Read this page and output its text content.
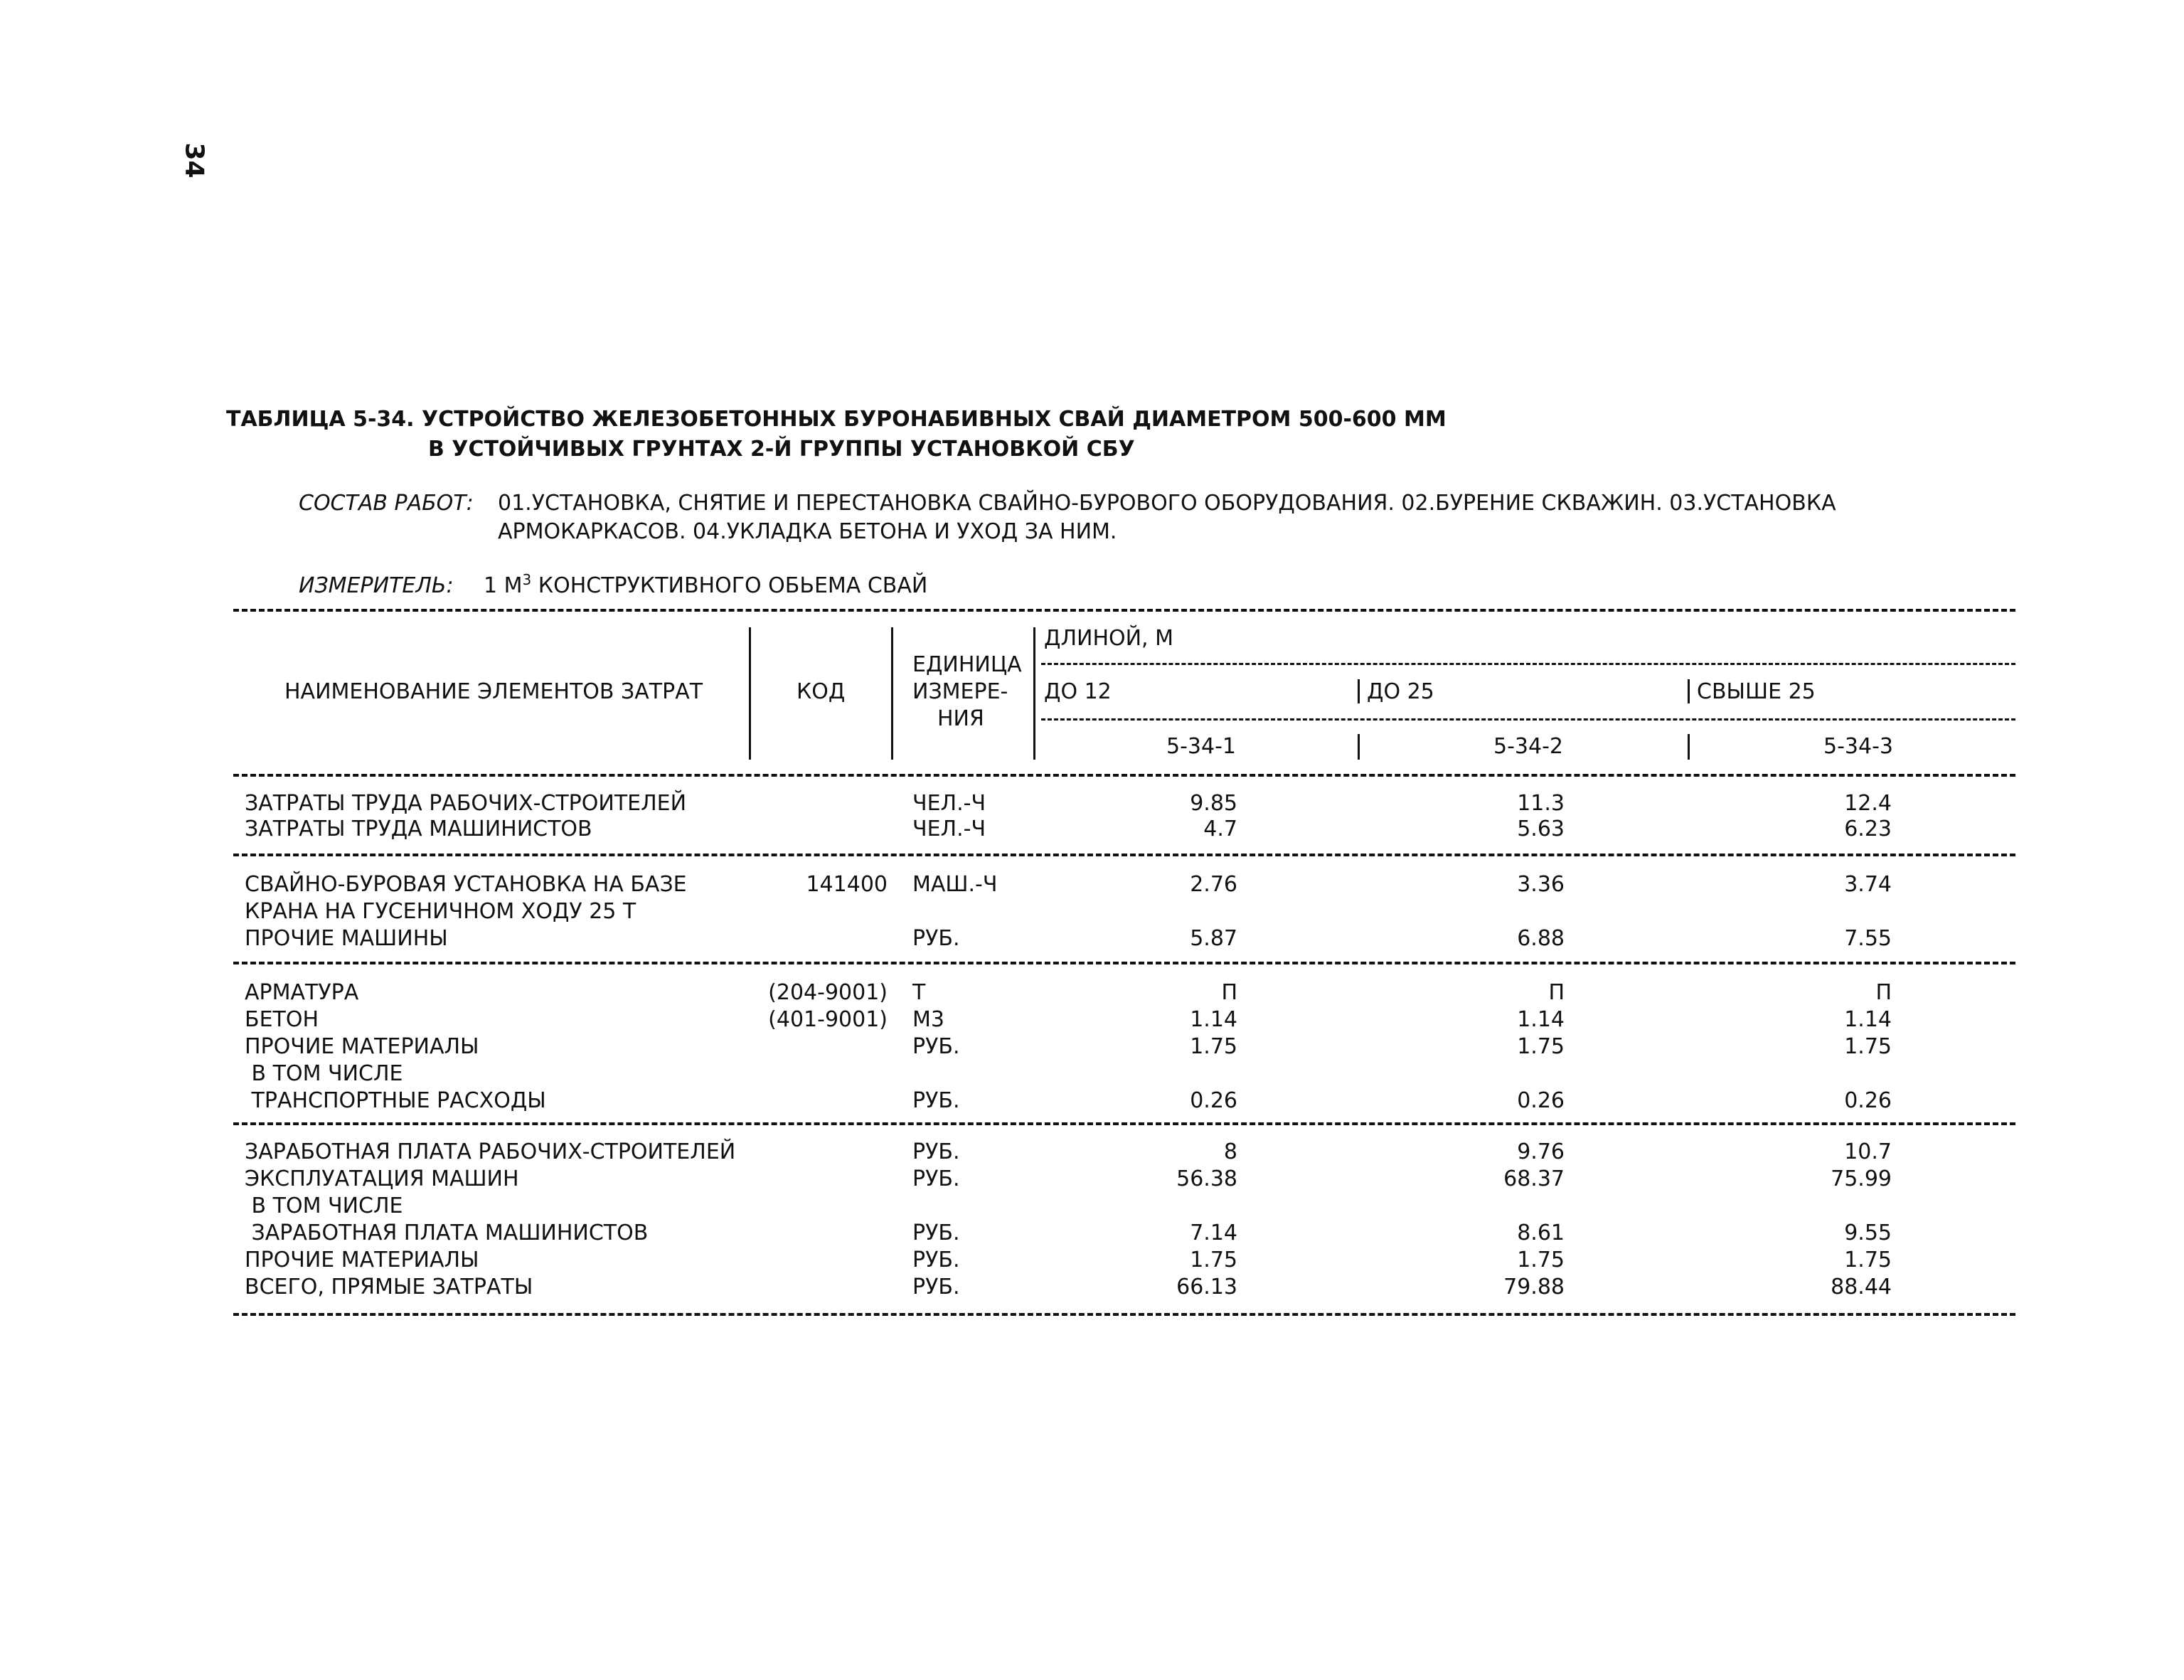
34
ТАБЛИЦА 5-34. УСТРОЙСТВО ЖЕЛЕЗОБЕТОННЫХ БУРОНАБИВНЫХ СВАЙ ДИАМЕТРОМ 500-600 ММ
В УСТОЙЧИВЫХ ГРУНТАХ 2-Й ГРУППЫ УСТАНОВКОЙ СБУ
СОСТАВ РАБОТ: 01.УСТАНОВКА, СНЯТИЕ И ПЕРЕСТАНОВКА СВАЙНО-БУРОВОГО ОБОРУДОВАНИЯ. 02.БУРЕНИЕ СКВАЖИН. 03.УСТАНОВКА
АРМОКАРКАСОВ. 04.УКЛАДКА БЕТОНА И УХОД ЗА НИМ.
ИЗМЕРИТЕЛЬ: 1 $М^3$ КОНСТРУКТИВНОГО ОБЬЕМА СВАЙ
НАИМЕНОВАНИЕ ЭЛЕМЕНТОВ ЗАТРАТ	КОД
ЕДИНИЦА
ИЗМЕРЕ-
НИЯ
ДЛИНОЙ, М
ДО 12	ДО 25	СВЫШЕ 25
5-34-1	5-34-2	5-34-3
ЗАТРАТЫ ТРУДА РАБОЧИХ-СТРОИТЕЛЕЙ	ЧЕЛ.-Ч	9.85	11.3	12.4
ЗАТРАТЫ ТРУДА МАШИНИСТОВ	ЧЕЛ.-Ч	4.7	5.63	6.23
СВАЙНО-БУРОВАЯ УСТАНОВКА НА БАЗЕ	141400 МАШ.-Ч	2.76	3.36	3.74
КРАНА НА ГУСЕНИЧНОМ ХОДУ 25 Т
ПРОЧИЕ МАШИНЫ	РУБ.	5.87	6.88	7.55
АРМАТУРА	(204-9001) Т	П	П	П
БЕТОН	(401-9001) М3	1.14	1.14	1.14
ПРОЧИЕ МАТЕРИАЛЫ	РУБ.	1.75	1.75	1.75
В ТОМ ЧИСЛЕ
ТРАНСПОРТНЫЕ РАСХОДЫ	РУБ.	0.26	0.26	0.26
ЗАРАБОТНАЯ ПЛАТА РАБОЧИХ-СТРОИТЕЛЕЙ	РУБ.	8	9.76	10.7
ЭКСПЛУАТАЦИЯ МАШИН	РУБ.	56.38	68.37	75.99
В ТОМ ЧИСЛЕ
ЗАРАБОТНАЯ ПЛАТА МАШИНИСТОВ	РУБ.	7.14	8.61	9.55
ПРОЧИЕ МАТЕРИАЛЫ	РУБ.	1.75	1.75	1.75
ВСЕГО, ПРЯМЫЕ ЗАТРАТЫ	РУБ.	66.13	79.88	88.44
